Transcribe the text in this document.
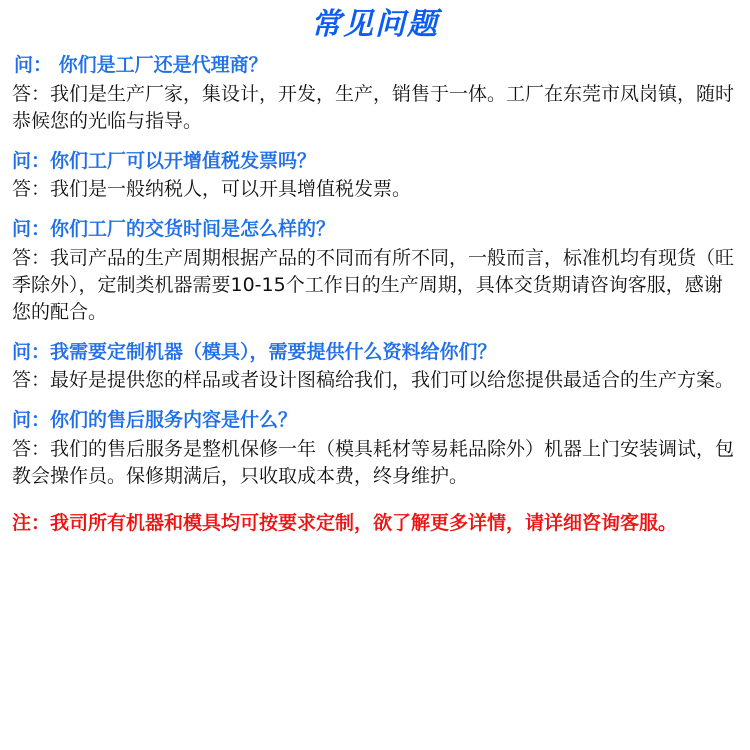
常见问题
问： 你们是工厂还是代理商？
答：我们是生产厂家，集设计，开发，生产，销售于一体。工厂在东莞市凤岗镇，随时恭候您的光临与指导。
问：你们工厂可以开增值税发票吗？
答：我们是一般纳税人，可以开具增值税发票。
问：你们工厂的交货时间是怎么样的？
答：我司产品的生产周期根据产品的不同而有所不同，一般而言，标准机均有现货（旺季除外），定制类机器需要10-15个工作日的生产周期，具体交货期请咨询客服，感谢您的配合。
问：我需要定制机器（模具），需要提供什么资料给你们？
答：最好是提供您的样品或者设计图稿给我们，我们可以给您提供最适合的生产方案。
问：你们的售后服务内容是什么？
答：我们的售后服务是整机保修一年（模具耗材等易耗品除外）机器上门安装调试，包教会操作员。保修期满后，只收取成本费，终身维护。
注：我司所有机器和模具均可按要求定制，欲了解更多详情，请详细咨询客服。
